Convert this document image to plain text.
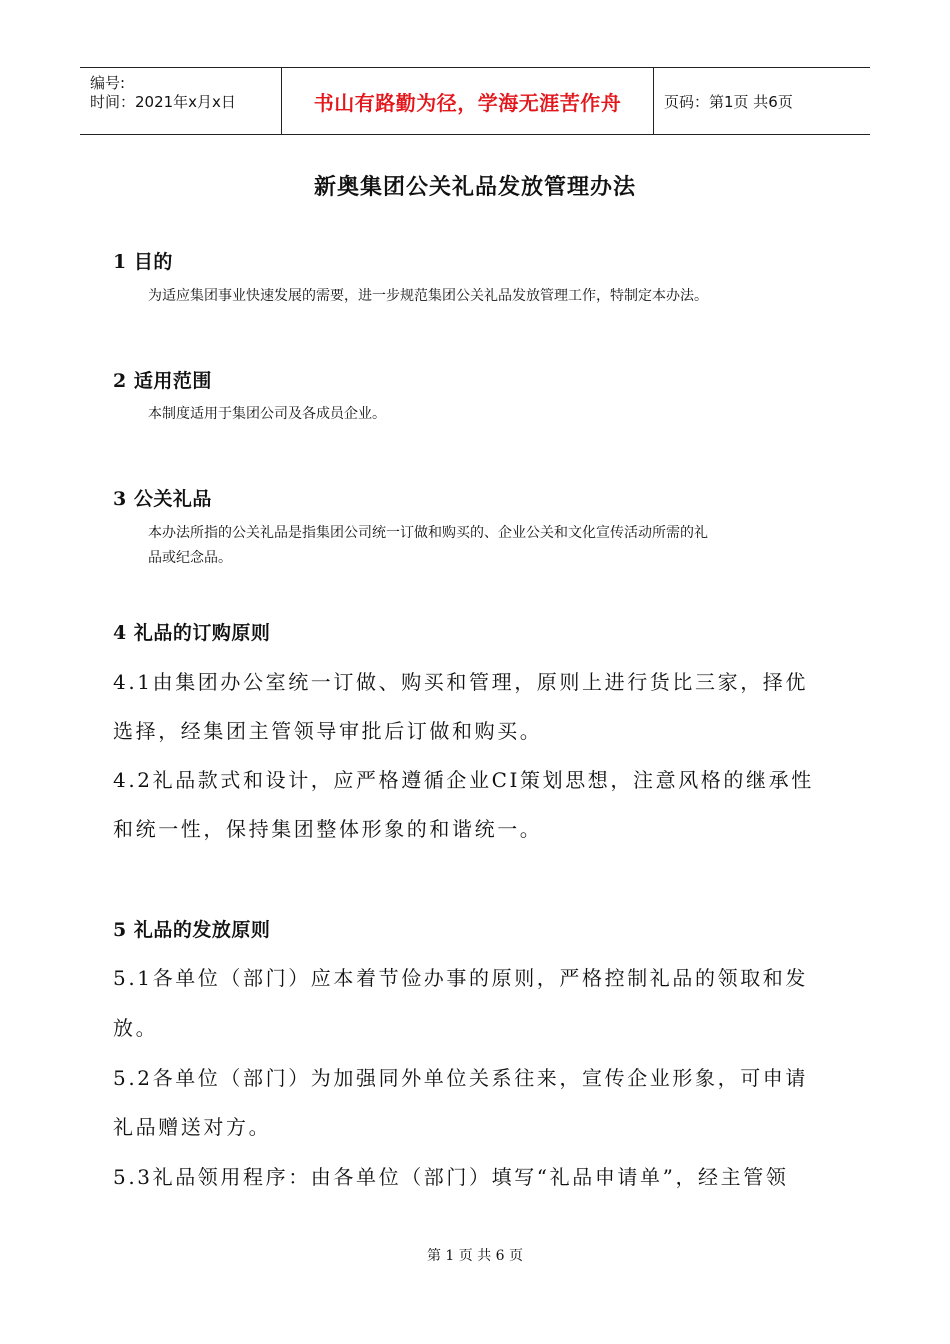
编号:
时间：2021年x月x日	书山有路勤为径，学海无涯苦作舟	页码：第1页 共6页
新奥集团公关礼品发放管理办法
1 目的
为适应集团事业快速发展的需要，进一步规范集团公关礼品发放管理工作，特制定本办法。
2 适用范围
本制度适用于集团公司及各成员企业。
3 公关礼品
本办法所指的公关礼品是指集团公司统一订做和购买的、企业公关和文化宣传活动所需的礼
品或纪念品。
4 礼品的订购原则
4.1由集团办公室统一订做、购买和管理，原则上进行货比三家，择优
选择，经集团主管领导审批后订做和购买。
4.2礼品款式和设计，应严格遵循企业CI策划思想，注意风格的继承性
和统一性，保持集团整体形象的和谐统一。
5 礼品的发放原则
5.1各单位（部门）应本着节俭办事的原则，严格控制礼品的领取和发
放。
5.2各单位（部门）为加强同外单位关系往来，宣传企业形象，可申请
礼品赠送对方。
5.3礼品领用程序：由各单位（部门）填写“礼品申请单”，经主管领
第 1 页 共 6 页
